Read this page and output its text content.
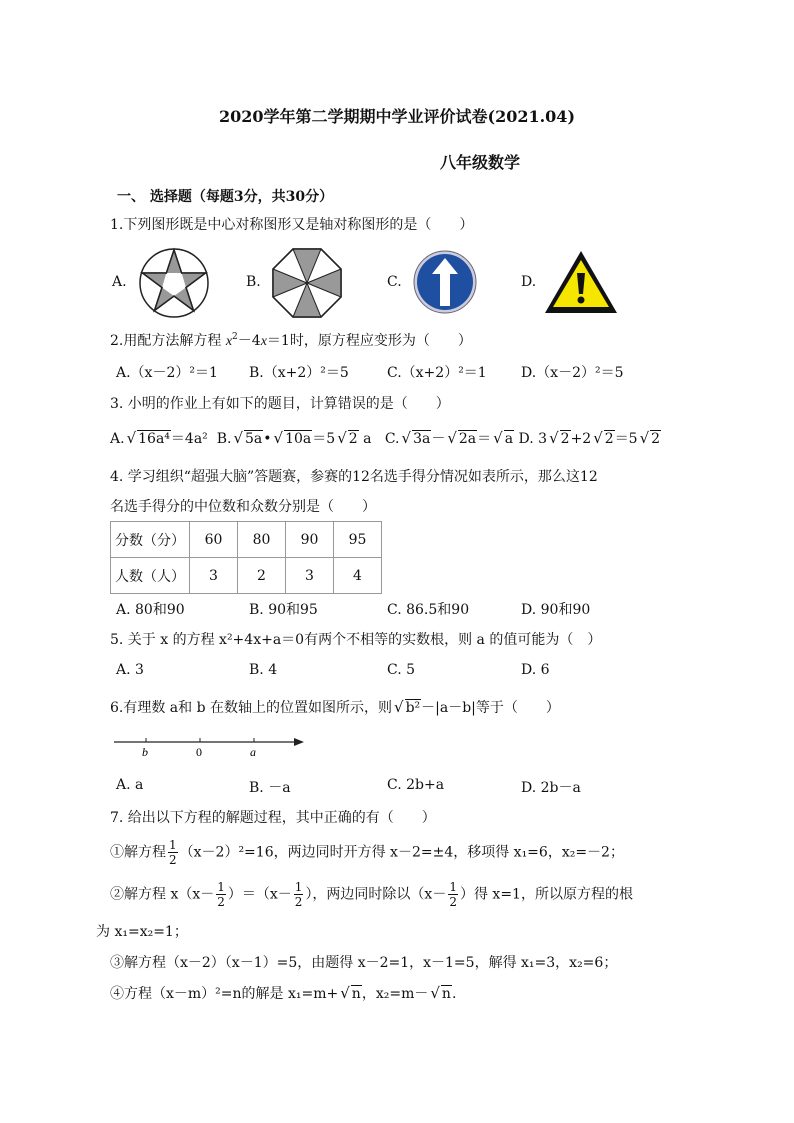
2020学年第二学期期中学业评价试卷(2021.04)
八年级数学
一、 选择题（每题3分，共30分）
1.下列图形既是中心对称图形又是轴对称图形的是（　　）
A.	B.	C.	D.
2.用配方法解方程 $x^2-4x=1$时，原方程应变形为（　　）
A.（x－2）²＝1 B.（x+2）²＝5	C.（x+2）²＝1 D.（x－2）²＝5
3. 小明的作业上有如下的题目，计算错误的是（　　）
A. √ 16a⁴＝4a² B. √ 5a• √ 10a＝5 √ 2 a C. √ 3a－ √ 2a＝ √ a D. 3 √ 2+2 √ 2＝5 √ 2
4. 学习组织“超强大脑”答题赛，参赛的12名选手得分情况如表所示，那么这12
名选手得分的中位数和众数分别是（　　）
分数（分）	60	80	90	95
人数（人）	3	2	3	4
A. 80和90	B. 90和95	C. 86.5和90	D. 90和90
5. 关于 x 的方程 x²+4x+a＝0有两个不相等的实数根，则 a 的值可能为（　）
A. 3	B. 4	C. 5	D. 6
6.有理数 a和 b 在数轴上的位置如图所示，则 √ b²－|a－b|等于（　　）
b	0	a
A. a	B. －a	C. 2b+a	D. 2b－a
7. 给出以下方程的解题过程，其中正确的有（　　）
①解方程 $\frac{1}{2} (x-2)^2=16$，两边同时开方得 x－2=±4，移项得 x₁=6，x₂=－2；
②解方程 $x(x- \frac{1}{2} )=(x- \frac{1}{2}$ ），两边同时除以（$x- \frac{1}{2}$ ）得 x=1，所以原方程的根
为 x₁=x₂=1；
③解方程（x－2）（x－1）=5，由题得 x－2=1，x－1=5，解得 x₁=3，x₂=6；
④方程（x－m）²=n的解是 x₁=m+ √ n，x₂=m－ √ n.
